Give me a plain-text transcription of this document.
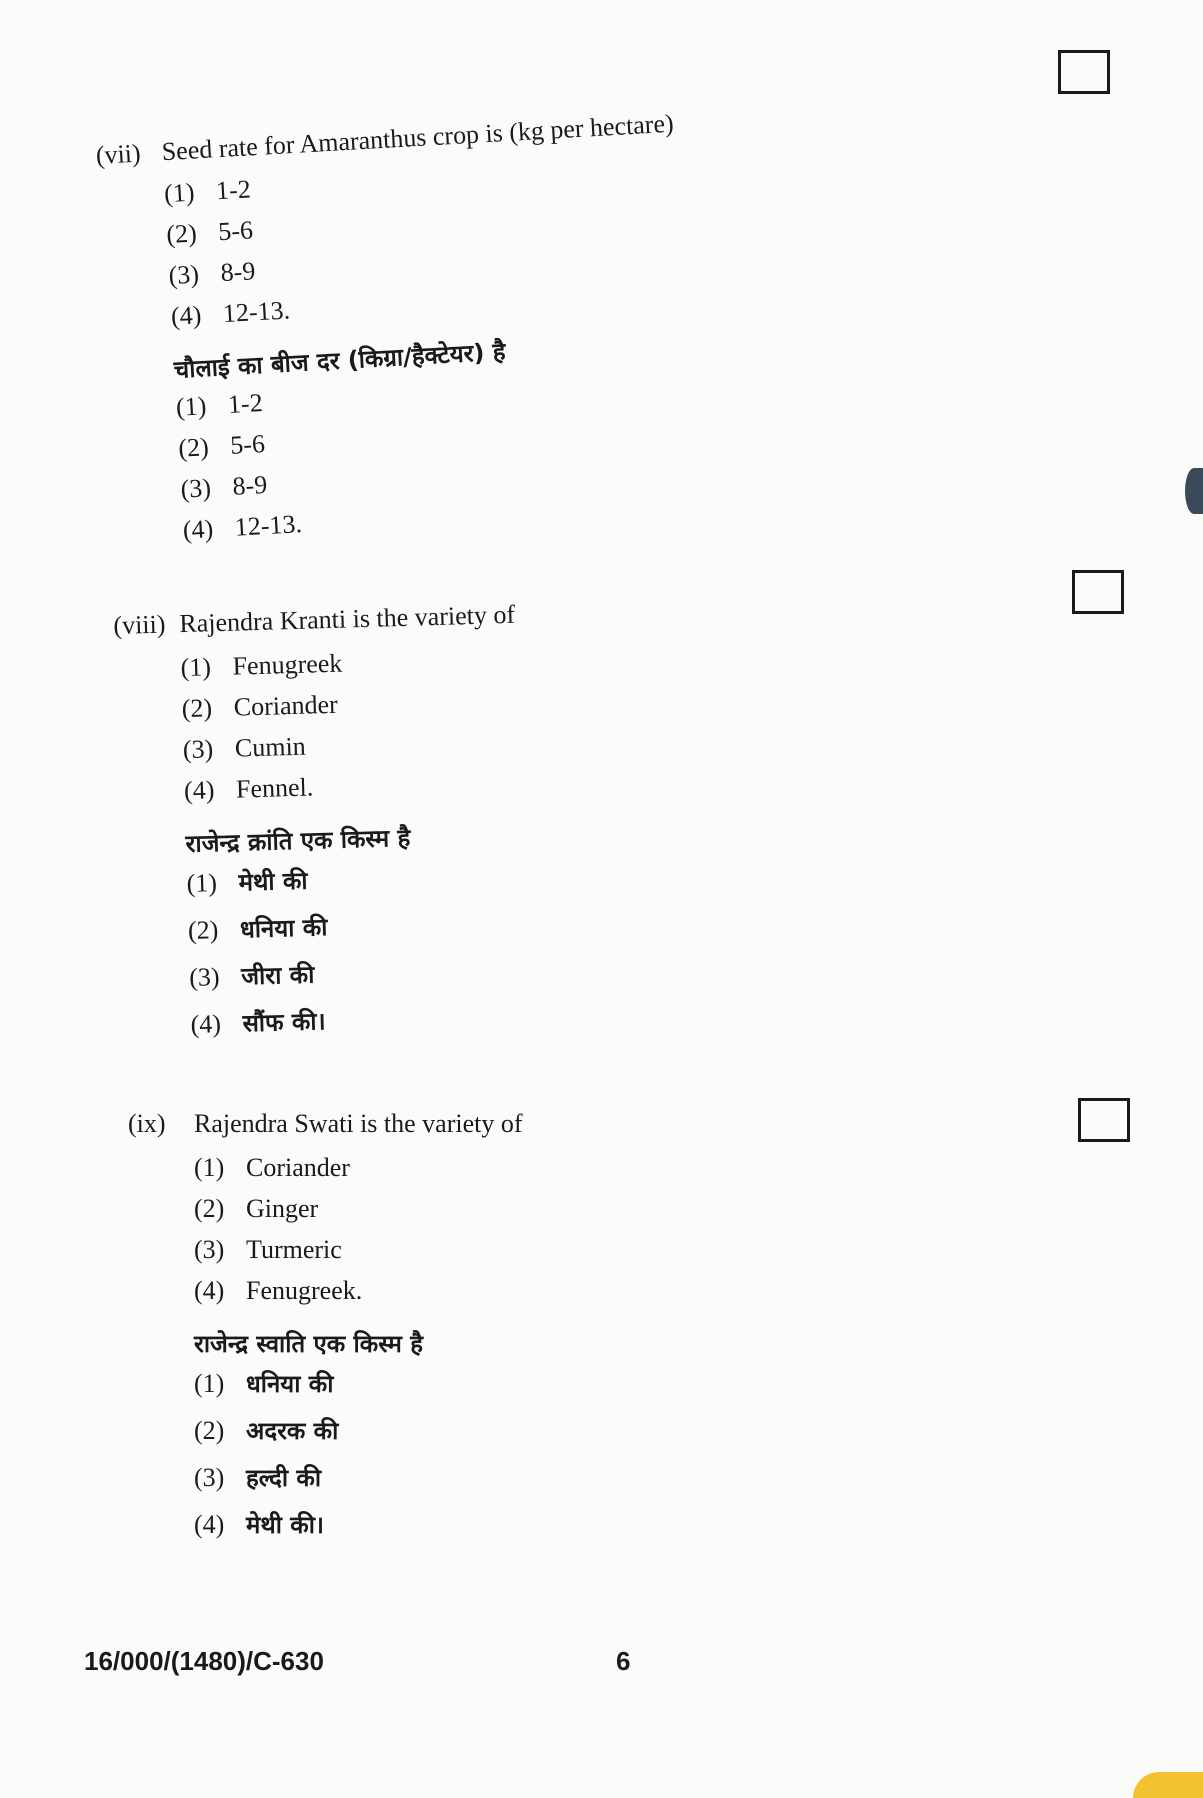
(vii) Seed rate for Amaranthus crop is (kg per hectare)
(1) 1-2
(2) 5-6
(3) 8-9
(4) 12-13.
चौलाई का बीज दर (किग्रा/हैक्टेयर) है
(1) 1-2
(2) 5-6
(3) 8-9
(4) 12-13.
(viii) Rajendra Kranti is the variety of
(1) Fenugreek
(2) Coriander
(3) Cumin
(4) Fennel.
राजेन्द्र क्रांति एक किस्म है
(1) मेथी की
(2) धनिया की
(3) जीरा की
(4) सौंफ की।
(ix)	Rajendra Swati is the variety of
(1) Coriander
(2) Ginger
(3) Turmeric
(4) Fenugreek.
राजेन्द्र स्वाति एक किस्म है
(1) धनिया की
(2) अदरक की
(3) हल्दी की
(4) मेथी की।
16/000/(1480)/C-630	6
